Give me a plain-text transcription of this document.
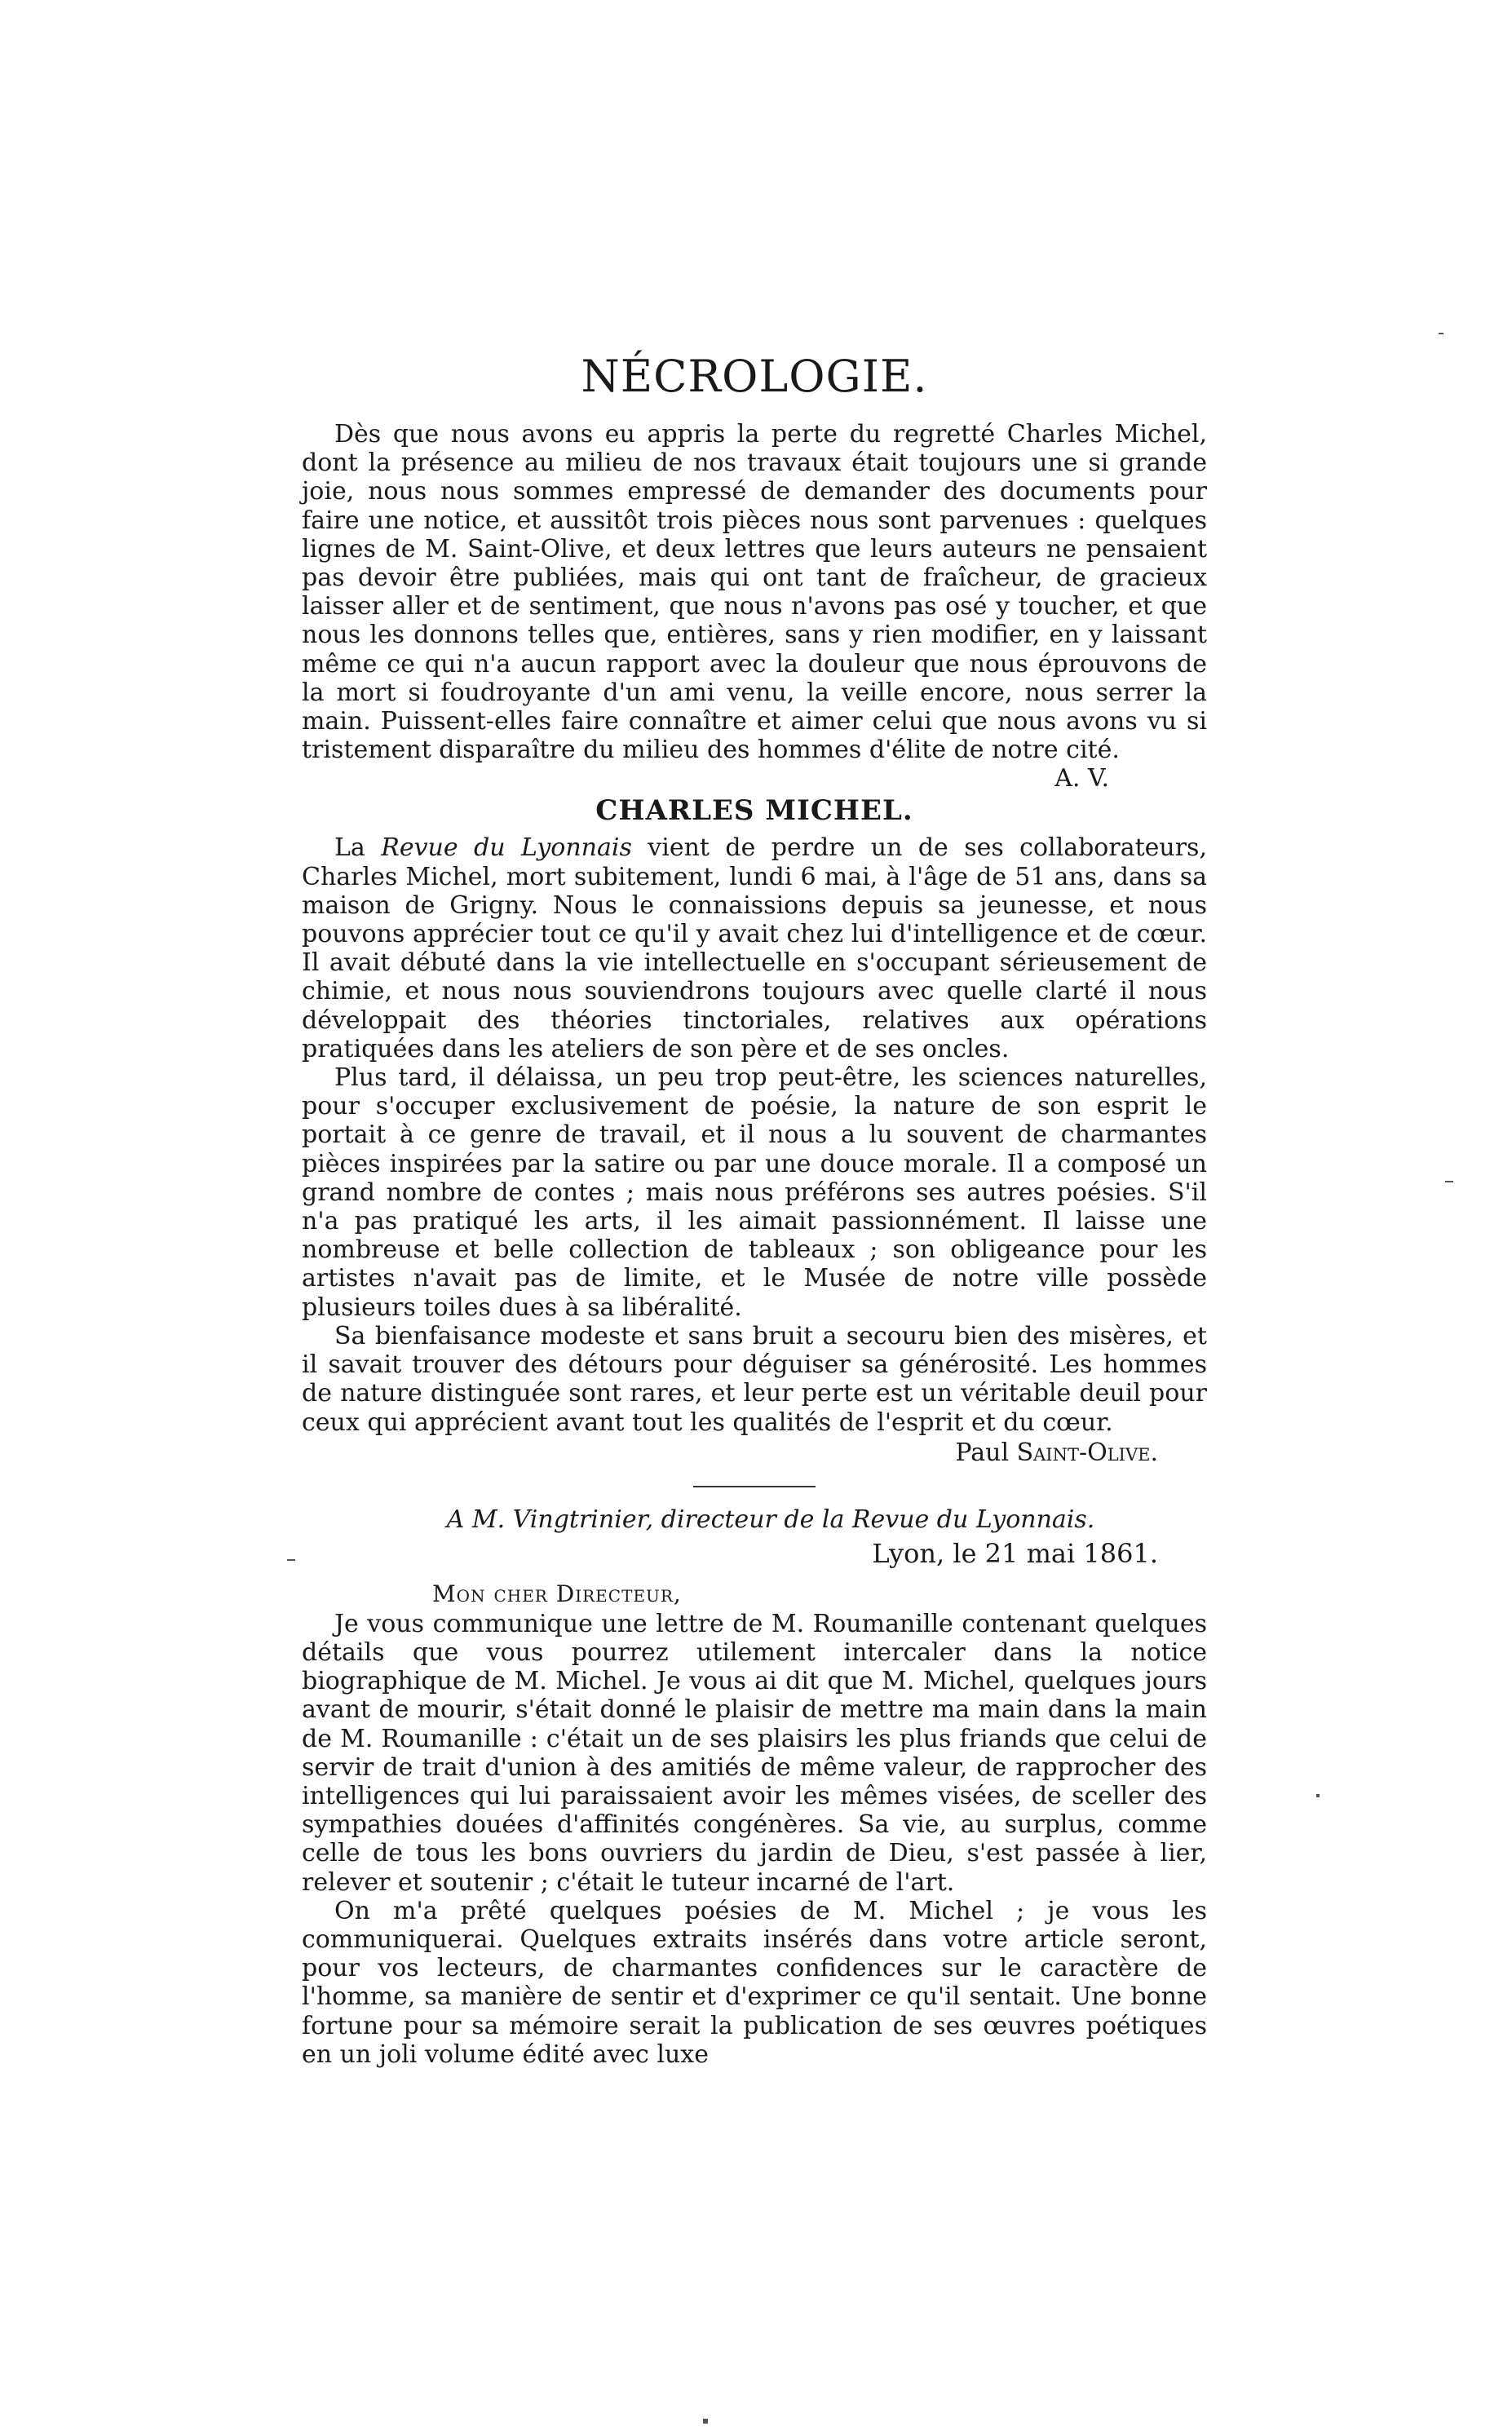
NÉCROLOGIE.

Dès que nous avons eu appris la perte du regretté Charles Michel, dont la présence au milieu de nos travaux était toujours une si grande joie, nous nous sommes empressé de demander des documents pour faire une notice, et aussitôt trois pièces nous sont parvenues : quelques lignes de M. Saint-Olive, et deux lettres que leurs auteurs ne pensaient pas devoir être publiées, mais qui ont tant de fraîcheur, de gracieux laisser aller et de sentiment, que nous n'avons pas osé y toucher, et que nous les donnons telles que, entières, sans y rien modifier, en y laissant même ce qui n'a aucun rapport avec la douleur que nous éprouvons de la mort si foudroyante d'un ami venu, la veille encore, nous serrer la main. Puissent-elles faire connaître et aimer celui que nous avons vu si tristement disparaître du milieu des hommes d'élite de notre cité.

A. V.

CHARLES MICHEL.

La Revue du Lyonnais vient de perdre un de ses collaborateurs, Charles Michel, mort subitement, lundi 6 mai, à l'âge de 51 ans, dans sa maison de Grigny. Nous le connaissions depuis sa jeunesse, et nous pouvons apprécier tout ce qu'il y avait chez lui d'intelligence et de cœur. Il avait débuté dans la vie intellectuelle en s'occupant sérieusement de chimie, et nous nous souviendrons toujours avec quelle clarté il nous développait des théories tinctoriales, relatives aux opérations pratiquées dans les ateliers de son père et de ses oncles.

Plus tard, il délaissa, un peu trop peut-être, les sciences naturelles, pour s'occuper exclusivement de poésie, la nature de son esprit le portait à ce genre de travail, et il nous a lu souvent de charmantes pièces inspirées par la satire ou par une douce morale. Il a composé un grand nombre de contes ; mais nous préférons ses autres poésies. S'il n'a pas pratiqué les arts, il les aimait passionnément. Il laisse une nombreuse et belle collection de tableaux ; son obligeance pour les artistes n'avait pas de limite, et le Musée de notre ville possède plusieurs toiles dues à sa libéralité.

Sa bienfaisance modeste et sans bruit a secouru bien des misères, et il savait trouver des détours pour déguiser sa générosité. Les hommes de nature distinguée sont rares, et leur perte est un véritable deuil pour ceux qui apprécient avant tout les qualités de l'esprit et du cœur.

Paul Saint-Olive.

A M. Vingtrinier, directeur de la Revue du Lyonnais.

Lyon, le 21 mai 1861.

Mon cher Directeur,

Je vous communique une lettre de M. Roumanille contenant quelques détails que vous pourrez utilement intercaler dans la notice biographique de M. Michel. Je vous ai dit que M. Michel, quelques jours avant de mourir, s'était donné le plaisir de mettre ma main dans la main de M. Roumanille : c'était un de ses plaisirs les plus friands que celui de servir de trait d'union à des amitiés de même valeur, de rapprocher des intelligences qui lui paraissaient avoir les mêmes visées, de sceller des sympathies douées d'affinités congénères. Sa vie, au surplus, comme celle de tous les bons ouvriers du jardin de Dieu, s'est passée à lier, relever et soutenir ; c'était le tuteur incarné de l'art.

On m'a prêté quelques poésies de M. Michel ; je vous les communiquerai. Quelques extraits insérés dans votre article seront, pour vos lecteurs, de charmantes confidences sur le caractère de l'homme, sa manière de sentir et d'exprimer ce qu'il sentait. Une bonne fortune pour sa mémoire serait la publication de ses œuvres poétiques en un joli volume édité avec luxe
